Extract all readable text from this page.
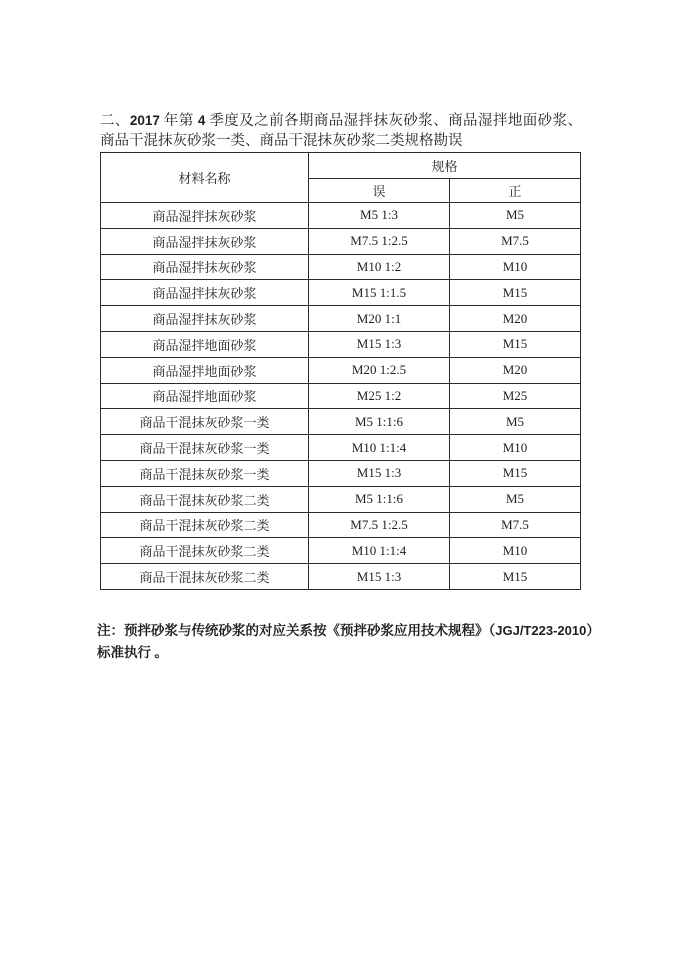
二、2017 年第 4 季度及之前各期商品湿拌抹灰砂浆、商品湿拌地面砂浆、商品干混抹灰砂浆一类、商品干混抹灰砂浆二类规格勘误

材料名称	规格	
	误	正
商品湿拌抹灰砂浆	M5 1:3	M5
商品湿拌抹灰砂浆	M7.5 1:2.5	M7.5
商品湿拌抹灰砂浆	M10 1:2	M10
商品湿拌抹灰砂浆	M15 1:1.5	M15
商品湿拌抹灰砂浆	M20 1:1	M20
商品湿拌地面砂浆	M15 1:3	M15
商品湿拌地面砂浆	M20 1:2.5	M20
商品湿拌地面砂浆	M25 1:2	M25
商品干混抹灰砂浆一类	M5 1:1:6	M5
商品干混抹灰砂浆一类	M10 1:1:4	M10
商品干混抹灰砂浆一类	M15 1:3	M15
商品干混抹灰砂浆二类	M5 1:1:6	M5
商品干混抹灰砂浆二类	M7.5 1:2.5	M7.5
商品干混抹灰砂浆二类	M10 1:1:4	M10
商品干混抹灰砂浆二类	M15 1:3	M15

注：预拌砂浆与传统砂浆的对应关系按《预拌砂浆应用技术规程》（JGJ/T223-2010）标准执行 。
